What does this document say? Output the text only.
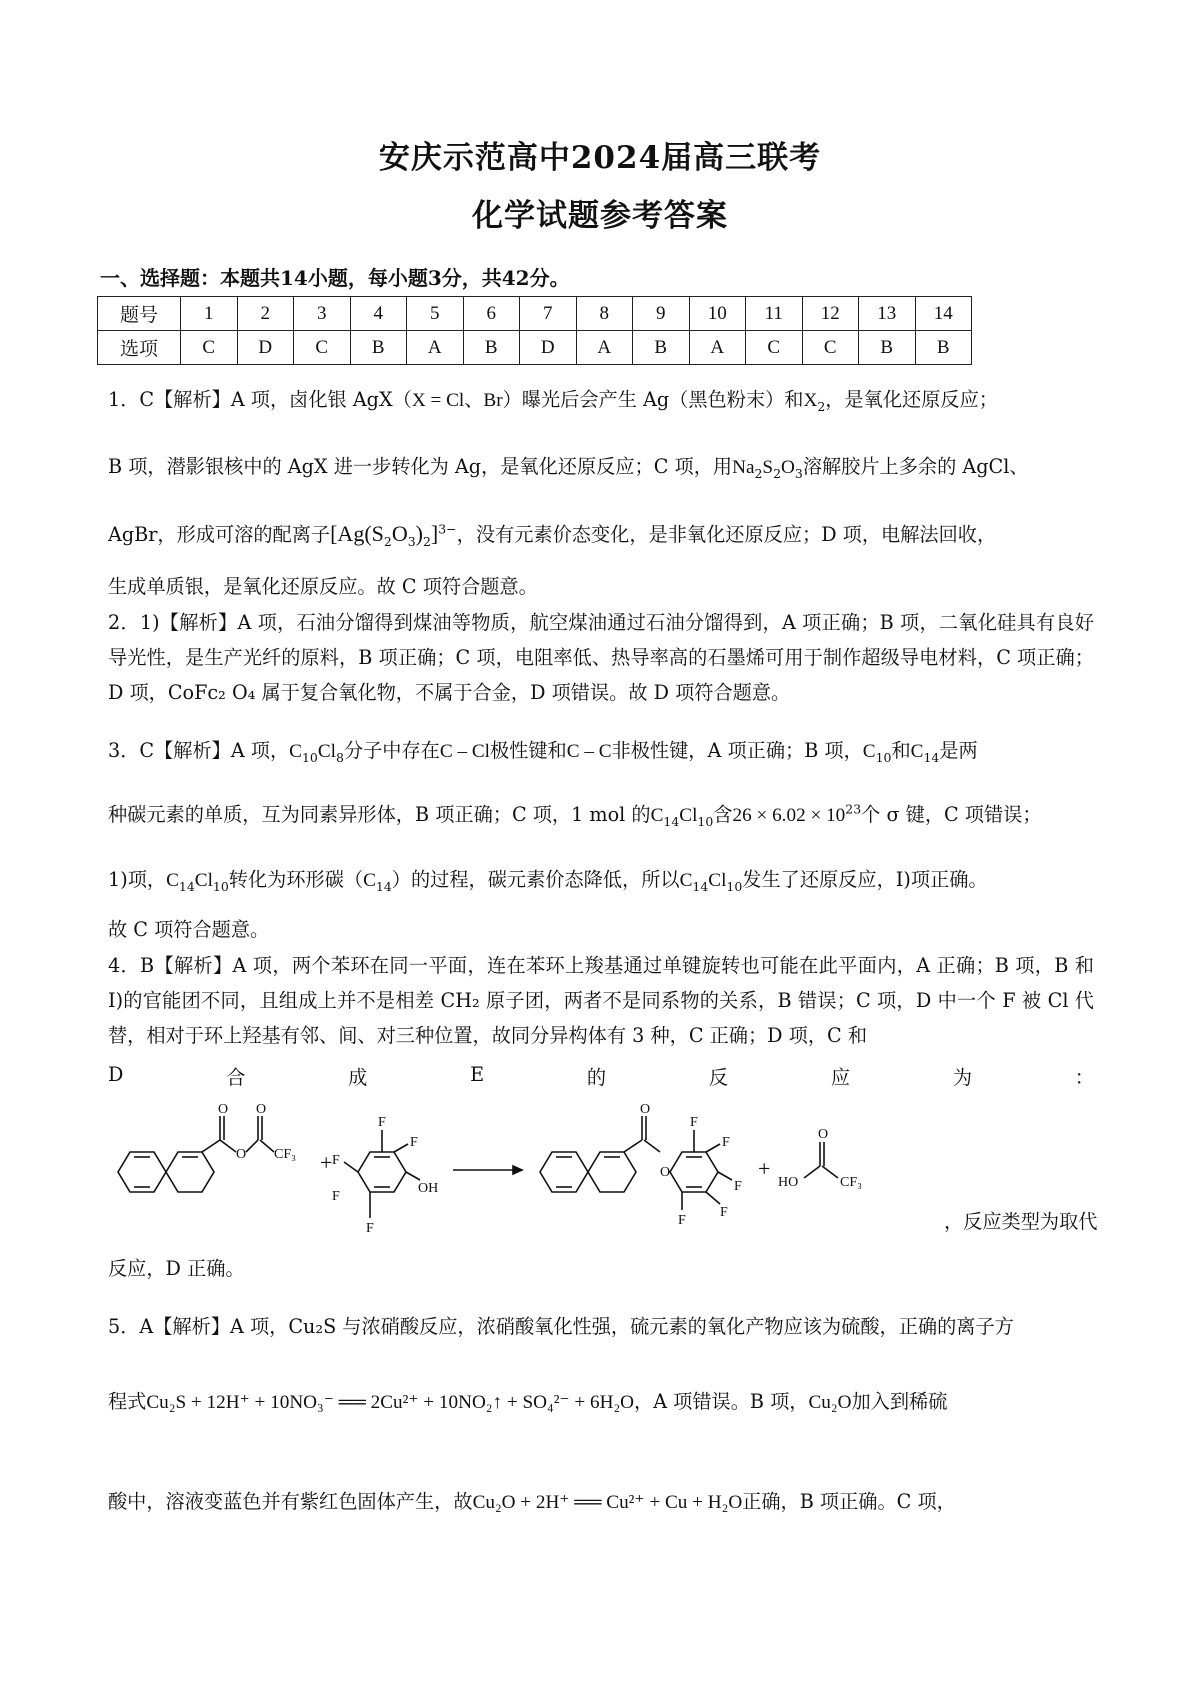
安庆示范高中2024届高三联考
化学试题参考答案
一、选择题：本题共14小题，每小题3分，共42分。
题号	1	2	3	4	5	6	7	8	9	10	11	12	13	14
选项	C	D	C	B	A	B	D	A	B	A	C	C	B	B
1．C【解析】A 项，卤化银 AgX（X = Cl、Br）曝光后会产生 Ag（黑色粉末）和$X_2$，是氧化还原反应；
B 项，潜影银核中的 AgX 进一步转化为 Ag，是氧化还原反应；C 项，用$Na_2S_2O_3$溶解胶片上多余的 AgCl、
AgBr，形成可溶的配离子$[Ag(S_2O_3)_2]^{3-}$，没有元素价态变化，是非氧化还原反应；D 项，电解法回收，
生成单质银，是氧化还原反应。故 C 项符合题意。
2．1)【解析】A 项，石油分馏得到煤油等物质，航空煤油通过石油分馏得到，A 项正确；B 项，二氧化硅具有良好导光性，是生产光纤的原料，B 项正确；C 项，电阻率低、热导率高的石墨烯可用于制作超级导电材料，C 项正确；D 项，CoFc₂ O₄ 属于复合氧化物，不属于合金，D 项错误。故 D 项符合题意。
3．C【解析】A 项，$C_{10}Cl_8$分子中存在C – Cl极性键和C – C非极性键，A 项正确；B 项，$C_{10}$和$C_{14}$是两
种碳元素的单质，互为同素异形体，B 项正确；C 项，1 mol 的$C_{14}Cl_{10}$含$26 \times 6.02 \times 10^{23}$个 σ 键，C 项错误；
1)项，$C_{14}Cl_{10}$转化为环形碳$(C_{14})$的过程，碳元素价态降低，所以$C_{14}Cl_{10}$发生了还原反应，I)项正确。
故 C 项符合题意。
4．B【解析】A 项，两个苯环在同一平面，连在苯环上羧基通过单键旋转也可能在此平面内，A 正确；B 项，B 和 I)的官能团不同，且组成上并不是相差 CH₂ 原子团，两者不是同系物的关系，B 错误；C 项，D 中一个 F 被 Cl 代替，相对于环上羟基有邻、间、对三种位置，故同分异构体有 3 种，C 正确；D 项，C 和
D	合	成	E	的	反	应	为	：
O
O
O
CF₃ +
F
F
F
F
F
OH
O
O
F
F
F
F
F
+
O
HO	CF₃
，反应类型为取代
反应，D 正确。
5．A【解析】A 项，Cu₂S 与浓硝酸反应，浓硝酸氧化性强，硫元素的氧化产物应该为硫酸，正确的离子方
程式Cu₂S + 12H⁺ + 10NO₃⁻ ══ 2Cu²⁺ + 10NO₂↑ + SO₄²⁻ + 6H₂O，A 项错误。B 项，Cu₂O加入到稀硫
酸中，溶液变蓝色并有紫红色固体产生，故Cu₂O + 2H⁺ ══ Cu²⁺ + Cu + H₂O正确，B 项正确。C 项，
